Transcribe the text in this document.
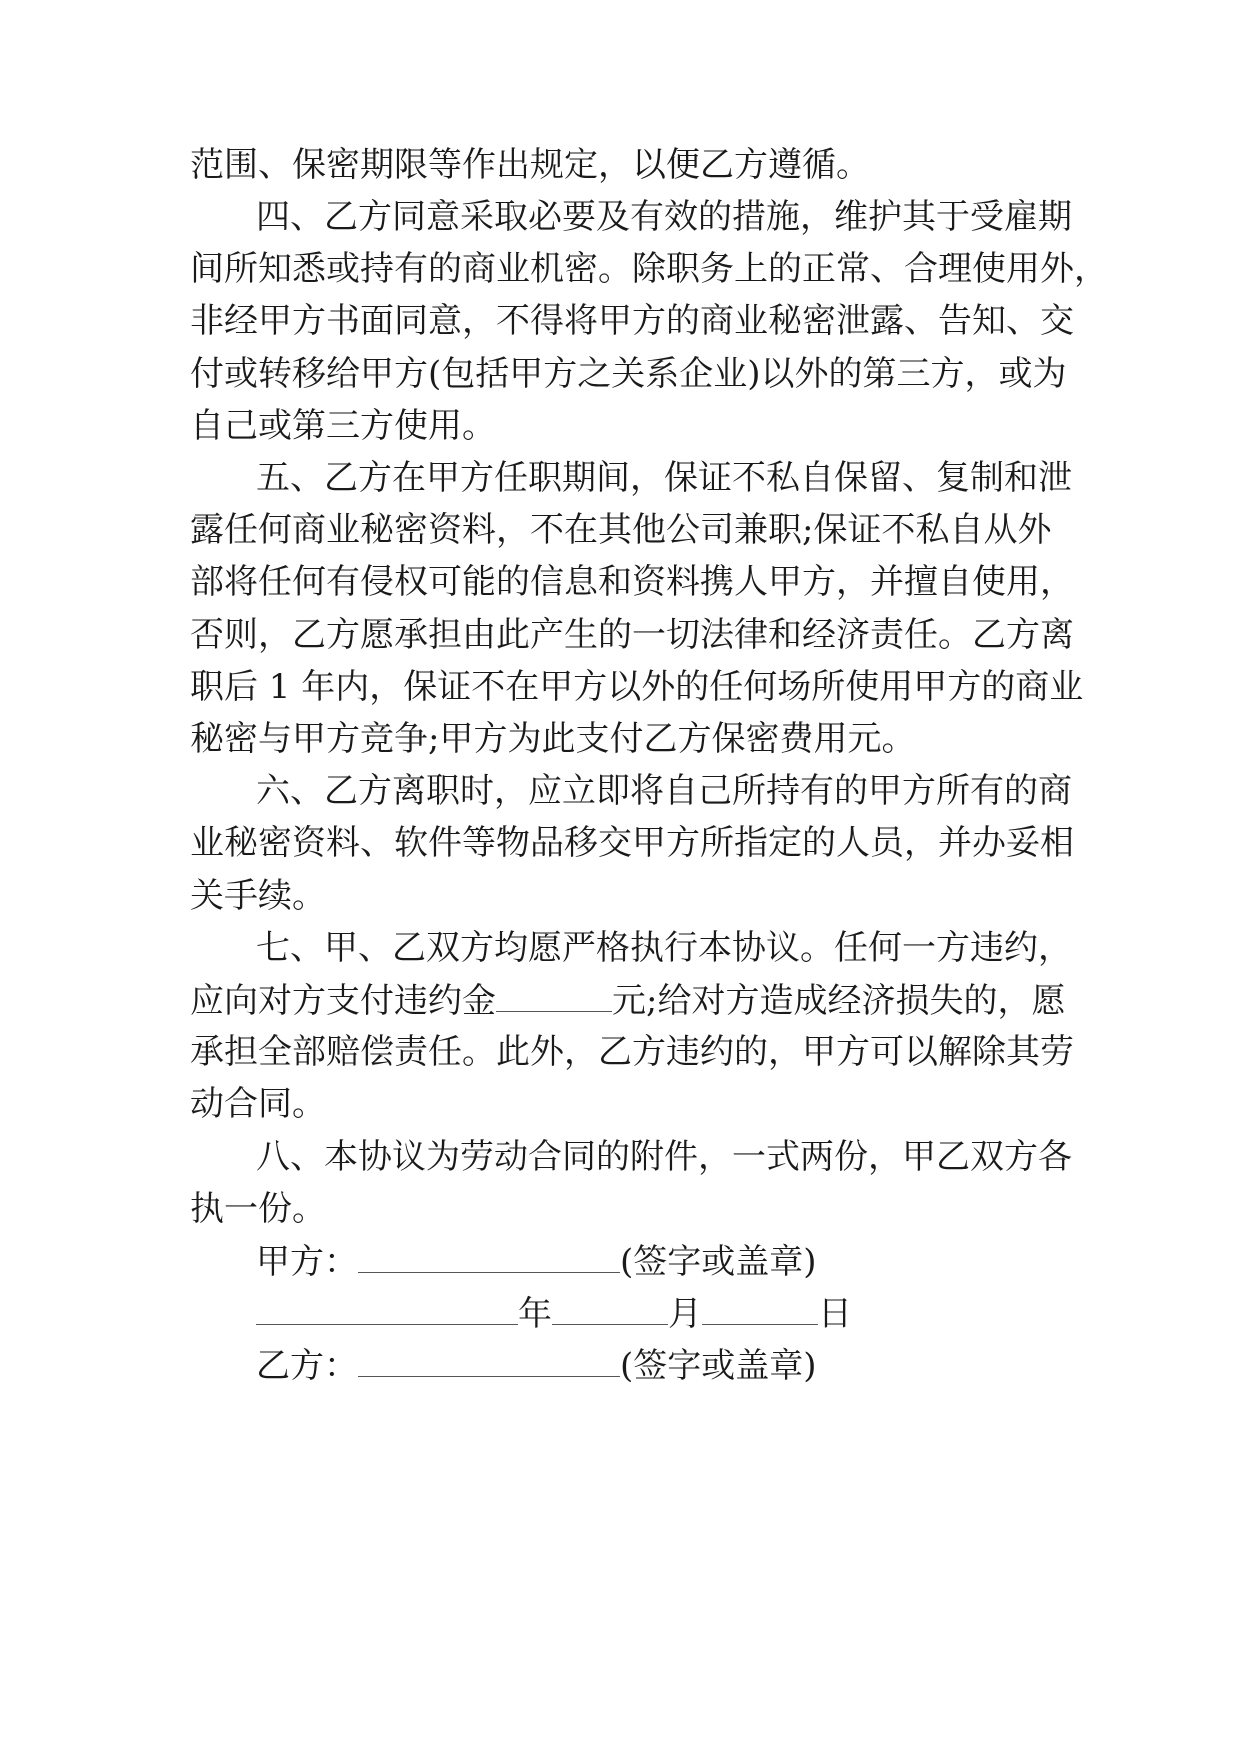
范围、保密期限等作出规定，以便乙方遵循。
四、乙方同意采取必要及有效的措施，维护其于受雇期
间所知悉或持有的商业机密。除职务上的正常、合理使用外，
非经甲方书面同意，不得将甲方的商业秘密泄露、告知、交
付或转移给甲方(包括甲方之关系企业)以外的第三方，或为
自己或第三方使用。
五、乙方在甲方任职期间，保证不私自保留、复制和泄
露任何商业秘密资料，不在其他公司兼职;保证不私自从外
部将任何有侵权可能的信息和资料携人甲方，并擅自使用，
否则，乙方愿承担由此产生的一切法律和经济责任。乙方离
职后 1 年内，保证不在甲方以外的任何场所使用甲方的商业
秘密与甲方竞争;甲方为此支付乙方保密费用元。
六、乙方离职时，应立即将自己所持有的甲方所有的商
业秘密资料、软件等物品移交甲方所指定的人员，并办妥相
关手续。
七、甲、乙双方均愿严格执行本协议。任何一方违约，
应向对方支付违约金	元;给对方造成经济损失的，愿
承担全部赔偿责任。此外，乙方违约的，甲方可以解除其劳
动合同。
八、本协议为劳动合同的附件，一式两份，甲乙双方各
执一份。
甲方：	(签字或盖章)
年	月	日
乙方：	(签字或盖章)
